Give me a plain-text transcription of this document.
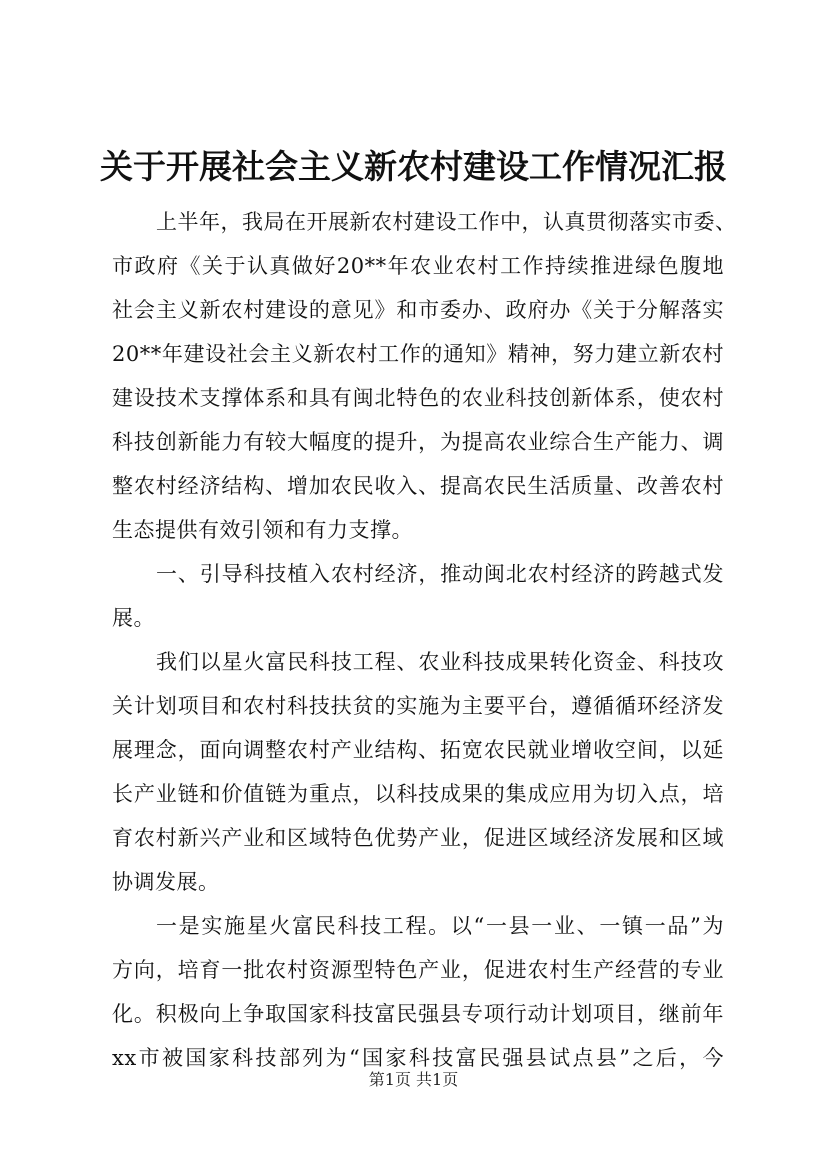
关于开展社会主义新农村建设工作情况汇报
上半年，我局在开展新农村建设工作中，认真贯彻落实市委、
市政府《关于认真做好20**年农业农村工作持续推进绿色腹地
社会主义新农村建设的意见》和市委办、政府办《关于分解落实
20**年建设社会主义新农村工作的通知》精神，努力建立新农村
建设技术支撑体系和具有闽北特色的农业科技创新体系，使农村
科技创新能力有较大幅度的提升，为提高农业综合生产能力、调
整农村经济结构、增加农民收入、提高农民生活质量、改善农村
生态提供有效引领和有力支撑。
一、引导科技植入农村经济，推动闽北农村经济的跨越式发
展。
我们以星火富民科技工程、农业科技成果转化资金、科技攻
关计划项目和农村科技扶贫的实施为主要平台，遵循循环经济发
展理念，面向调整农村产业结构、拓宽农民就业增收空间，以延
长产业链和价值链为重点，以科技成果的集成应用为切入点，培
育农村新兴产业和区域特色优势产业，促进区域经济发展和区域
协调发展。
一是实施星火富民科技工程。以“一县一业、一镇一品”为
方向，培育一批农村资源型特色产业，促进农村生产经营的专业
化。积极向上争取国家科技富民强县专项行动计划项目，继前年
xx市被国家科技部列为“国家科技富民强县试点县”之后，今
第1页 共1页
